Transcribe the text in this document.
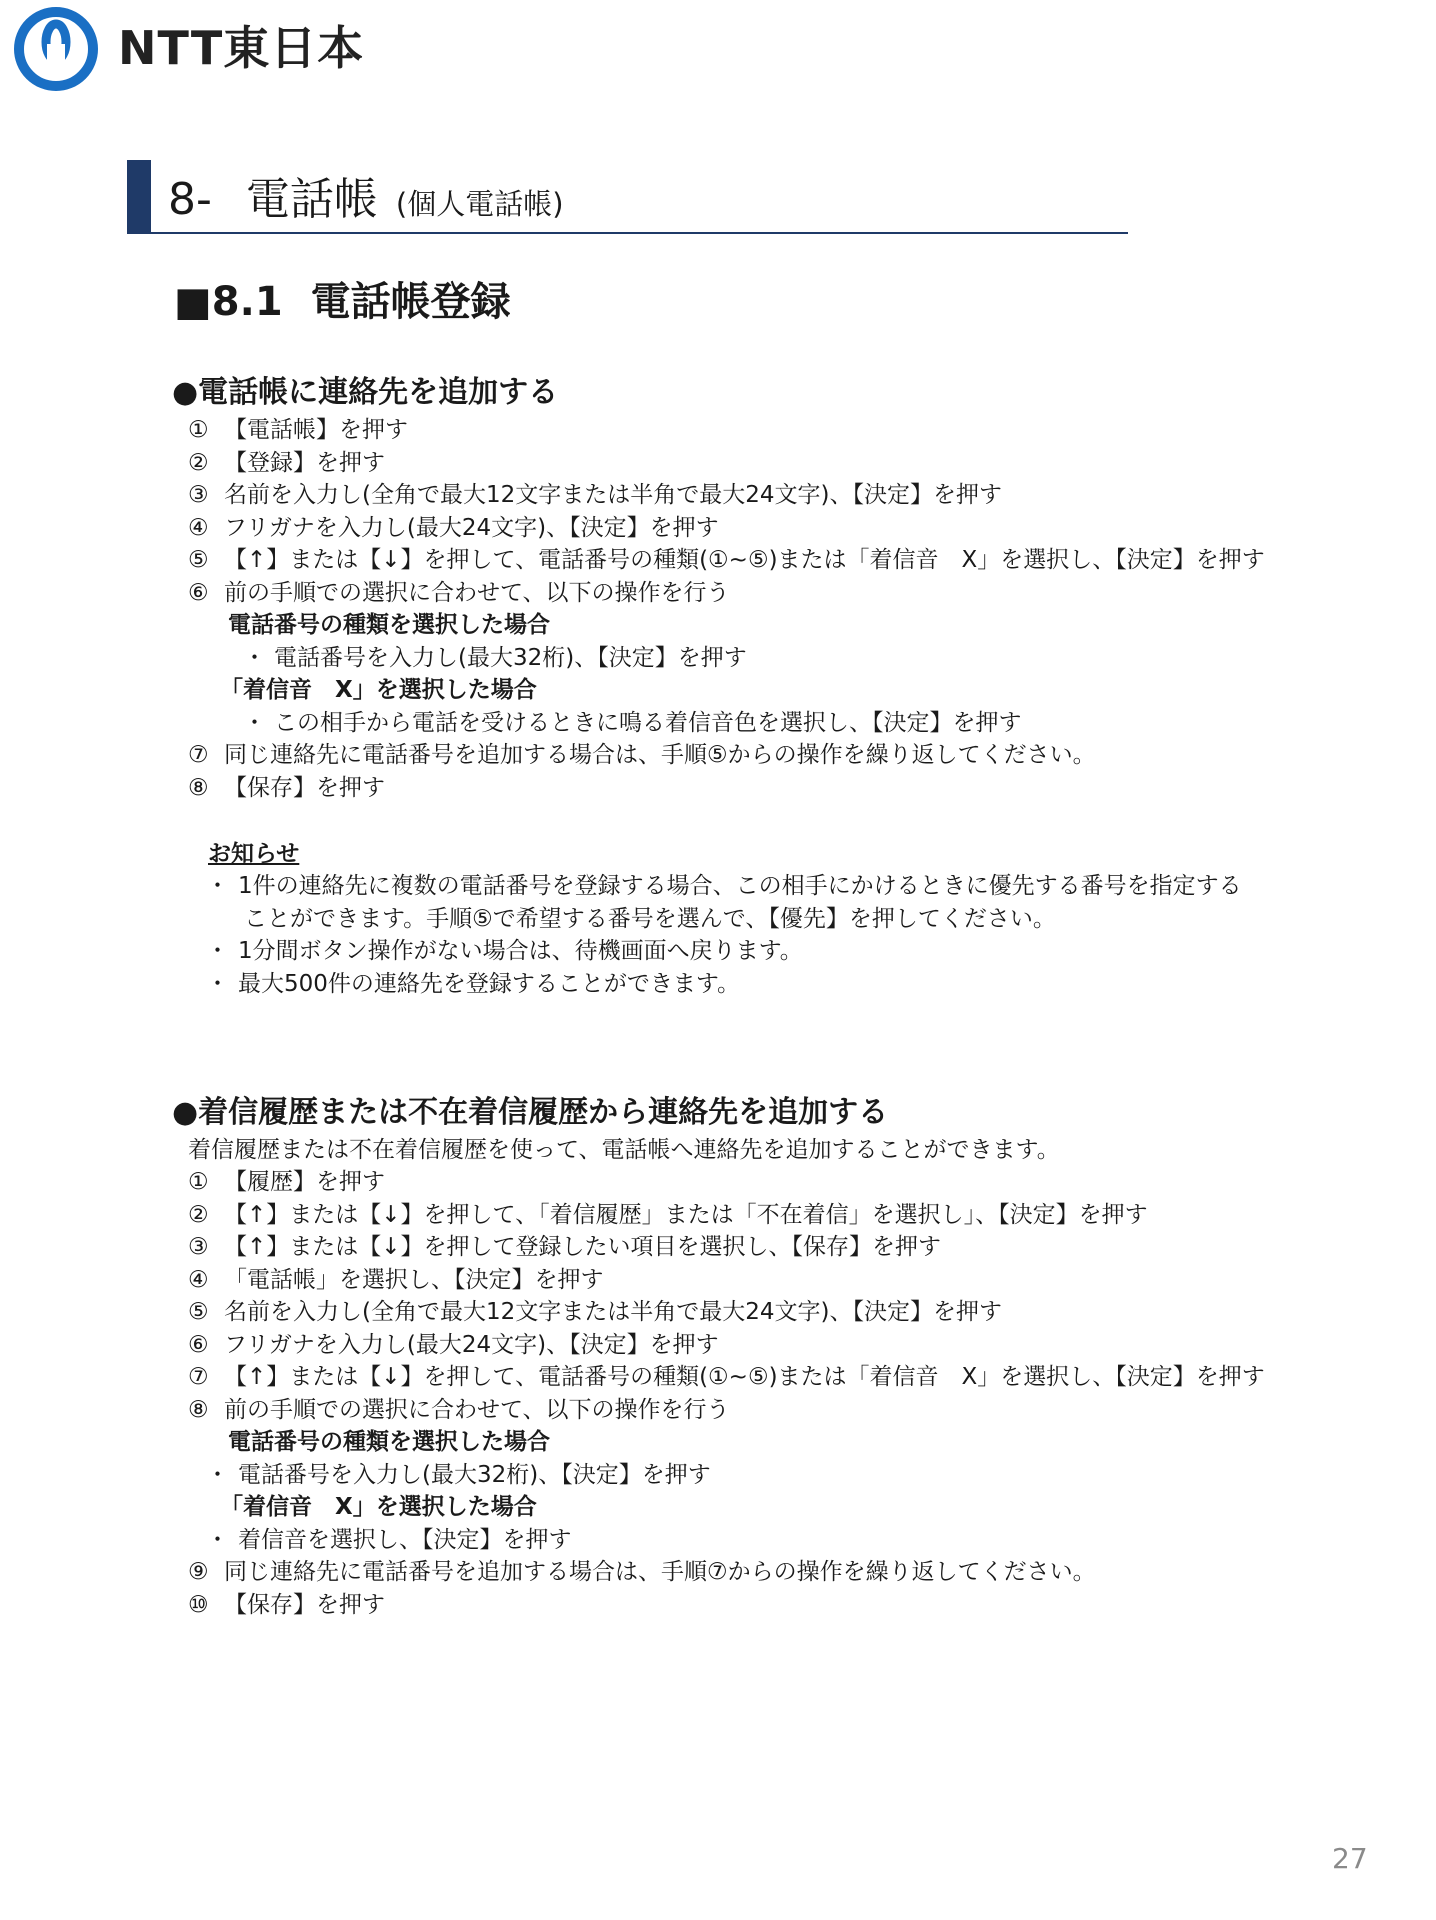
NTT東日本
8- 電話帳 (個人電話帳)
■8.1 電話帳登録
●電話帳に連絡先を追加する
① 【電話帳】を押す
② 【登録】を押す
③ 名前を入力し(全角で最大12文字または半角で最大24文字)、【決定】を押す
④ フリガナを入力し(最大24文字)、【決定】を押す
⑤ 【↑】または【↓】を押して、電話番号の種類(①~⑤)または「着信音　X」を選択し、【決定】を押す
⑥ 前の手順での選択に合わせて、以下の操作を行う
電話番号の種類を選択した場合
・ 電話番号を入力し(最大32桁)、【決定】を押す
「着信音　X」を選択した場合
・ この相手から電話を受けるときに鳴る着信音色を選択し、【決定】を押す
⑦ 同じ連絡先に電話番号を追加する場合は、手順⑤からの操作を繰り返してください。
⑧ 【保存】を押す
お知らせ
・ 1件の連絡先に複数の電話番号を登録する場合、この相手にかけるときに優先する番号を指定する
ことができます。手順⑤で希望する番号を選んで、【優先】を押してください。
・ 1分間ボタン操作がない場合は、待機画面へ戻ります。
・ 最大500件の連絡先を登録することができます。
●着信履歴または不在着信履歴から連絡先を追加する
着信履歴または不在着信履歴を使って、電話帳へ連絡先を追加することができます。
① 【履歴】を押す
② 【↑】または【↓】を押して、「着信履歴」または「不在着信」を選択し」、【決定】を押す
③ 【↑】または【↓】を押して登録したい項目を選択し、【保存】を押す
④ 「電話帳」を選択し、【決定】を押す
⑤ 名前を入力し(全角で最大12文字または半角で最大24文字)、【決定】を押す
⑥ フリガナを入力し(最大24文字)、【決定】を押す
⑦ 【↑】または【↓】を押して、電話番号の種類(①~⑤)または「着信音　X」を選択し、【決定】を押す
⑧ 前の手順での選択に合わせて、以下の操作を行う
電話番号の種類を選択した場合
・ 電話番号を入力し(最大32桁)、【決定】を押す
「着信音　X」を選択した場合
・ 着信音を選択し、【決定】を押す
⑨ 同じ連絡先に電話番号を追加する場合は、手順⑦からの操作を繰り返してください。
⑩ 【保存】を押す
27
